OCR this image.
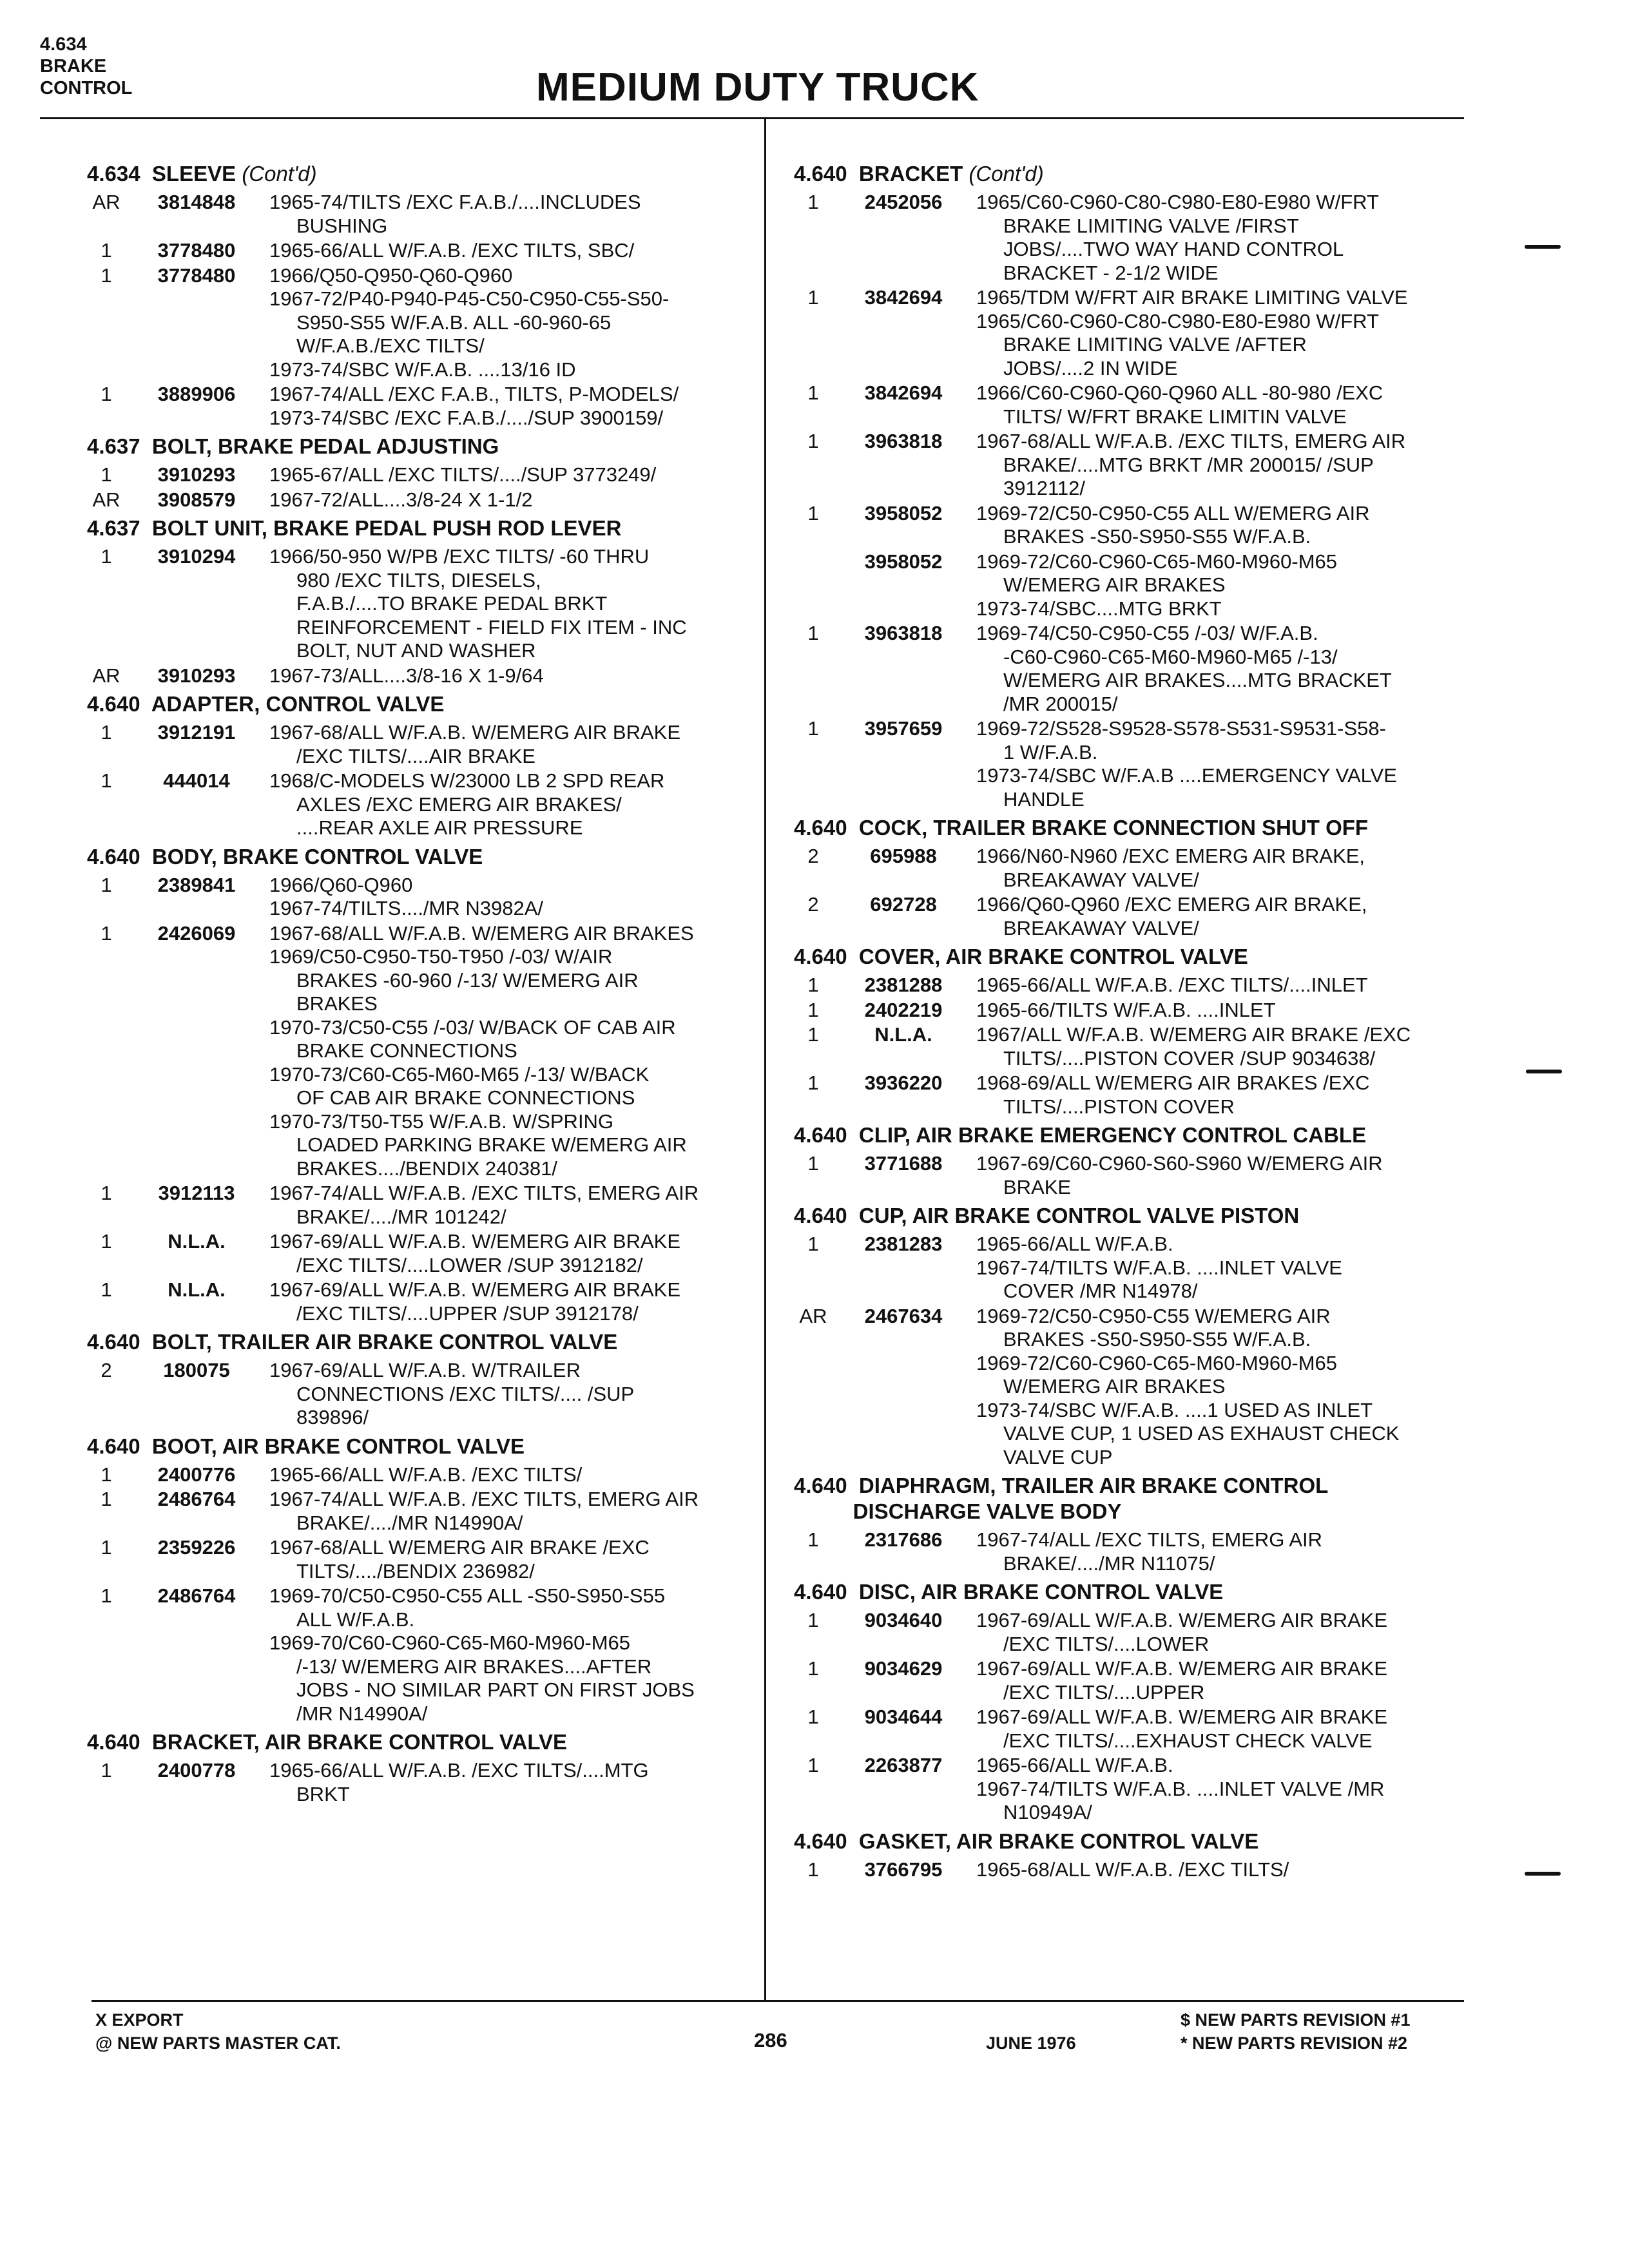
4.634
BRAKE
CONTROL	MEDIUM DUTY TRUCK
4.634  SLEEVE (Cont'd)
AR	3814848	1965-74/TILTS /EXC F.A.B./....INCLUDES
BUSHING
1	3778480	1965-66/ALL W/F.A.B. /EXC TILTS, SBC/
1	3778480	1966/Q50-Q950-Q60-Q960
1967-72/P40-P940-P45-C50-C950-C55-S50-
S950-S55 W/F.A.B. ALL -60-960-65
W/F.A.B./EXC TILTS/
1973-74/SBC W/F.A.B. ....13/16 ID
1	3889906	1967-74/ALL /EXC F.A.B., TILTS, P-MODELS/
1973-74/SBC /EXC F.A.B./..../SUP 3900159/
4.637  BOLT, BRAKE PEDAL ADJUSTING
1	3910293	1965-67/ALL /EXC TILTS/..../SUP 3773249/
AR	3908579	1967-72/ALL....3/8-24 X 1-1/2
4.637  BOLT UNIT, BRAKE PEDAL PUSH ROD LEVER
1	3910294	1966/50-950 W/PB /EXC TILTS/ -60 THRU
980 /EXC TILTS, DIESELS,
F.A.B./....TO BRAKE PEDAL BRKT
REINFORCEMENT - FIELD FIX ITEM - INC
BOLT, NUT AND WASHER
AR	3910293	1967-73/ALL....3/8-16 X 1-9/64
4.640  ADAPTER, CONTROL VALVE
1	3912191	1967-68/ALL W/F.A.B. W/EMERG AIR BRAKE
/EXC TILTS/....AIR BRAKE
1	444014	1968/C-MODELS W/23000 LB 2 SPD REAR
AXLES /EXC EMERG AIR BRAKES/
....REAR AXLE AIR PRESSURE
4.640  BODY, BRAKE CONTROL VALVE
1	2389841	1966/Q60-Q960
1967-74/TILTS..../MR N3982A/
1	2426069	1967-68/ALL W/F.A.B. W/EMERG AIR BRAKES
1969/C50-C950-T50-T950 /-03/ W/AIR
BRAKES -60-960 /-13/ W/EMERG AIR
BRAKES
1970-73/C50-C55 /-03/ W/BACK OF CAB AIR
BRAKE CONNECTIONS
1970-73/C60-C65-M60-M65 /-13/ W/BACK
OF CAB AIR BRAKE CONNECTIONS
1970-73/T50-T55 W/F.A.B. W/SPRING
LOADED PARKING BRAKE W/EMERG AIR
BRAKES..../BENDIX 240381/
1	3912113	1967-74/ALL W/F.A.B. /EXC TILTS, EMERG AIR
BRAKE/..../MR 101242/
1	N.L.A.	1967-69/ALL W/F.A.B. W/EMERG AIR BRAKE
/EXC TILTS/....LOWER /SUP 3912182/
1	N.L.A.	1967-69/ALL W/F.A.B. W/EMERG AIR BRAKE
/EXC TILTS/....UPPER /SUP 3912178/
4.640  BOLT, TRAILER AIR BRAKE CONTROL VALVE
2	180075	1967-69/ALL W/F.A.B. W/TRAILER
CONNECTIONS /EXC TILTS/.... /SUP
839896/
4.640  BOOT, AIR BRAKE CONTROL VALVE
1	2400776	1965-66/ALL W/F.A.B. /EXC TILTS/
1	2486764	1967-74/ALL W/F.A.B. /EXC TILTS, EMERG AIR
BRAKE/..../MR N14990A/
1	2359226	1967-68/ALL W/EMERG AIR BRAKE /EXC
TILTS/..../BENDIX 236982/
1	2486764	1969-70/C50-C950-C55 ALL -S50-S950-S55
ALL W/F.A.B.
1969-70/C60-C960-C65-M60-M960-M65
/-13/ W/EMERG AIR BRAKES....AFTER
JOBS - NO SIMILAR PART ON FIRST JOBS
/MR N14990A/
4.640  BRACKET, AIR BRAKE CONTROL VALVE
1	2400778	1965-66/ALL W/F.A.B. /EXC TILTS/....MTG
BRKT
4.640  BRACKET (Cont'd)
1	2452056	1965/C60-C960-C80-C980-E80-E980 W/FRT
BRAKE LIMITING VALVE /FIRST
JOBS/....TWO WAY HAND CONTROL
BRACKET - 2-1/2 WIDE
1	3842694	1965/TDM W/FRT AIR BRAKE LIMITING VALVE
1965/C60-C960-C80-C980-E80-E980 W/FRT
BRAKE LIMITING VALVE /AFTER
JOBS/....2 IN WIDE
1	3842694	1966/C60-C960-Q60-Q960 ALL -80-980 /EXC
TILTS/ W/FRT BRAKE LIMITIN VALVE
1	3963818	1967-68/ALL W/F.A.B. /EXC TILTS, EMERG AIR
BRAKE/....MTG BRKT /MR 200015/ /SUP
3912112/
1	3958052	1969-72/C50-C950-C55 ALL W/EMERG AIR
BRAKES -S50-S950-S55 W/F.A.B.
3958052	1969-72/C60-C960-C65-M60-M960-M65
W/EMERG AIR BRAKES
1973-74/SBC....MTG BRKT
1	3963818	1969-74/C50-C950-C55 /-03/ W/F.A.B.
-C60-C960-C65-M60-M960-M65 /-13/
W/EMERG AIR BRAKES....MTG BRACKET
/MR 200015/
1	3957659	1969-72/S528-S9528-S578-S531-S9531-S58-
1 W/F.A.B.
1973-74/SBC W/F.A.B ....EMERGENCY VALVE
HANDLE
4.640  COCK, TRAILER BRAKE CONNECTION SHUT OFF
2	695988	1966/N60-N960 /EXC EMERG AIR BRAKE,
BREAKAWAY VALVE/
2	692728	1966/Q60-Q960 /EXC EMERG AIR BRAKE,
BREAKAWAY VALVE/
4.640  COVER, AIR BRAKE CONTROL VALVE
1	2381288	1965-66/ALL W/F.A.B. /EXC TILTS/....INLET
1	2402219	1965-66/TILTS W/F.A.B. ....INLET
1	N.L.A.	1967/ALL W/F.A.B. W/EMERG AIR BRAKE /EXC
TILTS/....PISTON COVER /SUP 9034638/
1	3936220	1968-69/ALL W/EMERG AIR BRAKES /EXC
TILTS/....PISTON COVER
4.640  CLIP, AIR BRAKE EMERGENCY CONTROL CABLE
1	3771688	1967-69/C60-C960-S60-S960 W/EMERG AIR
BRAKE
4.640  CUP, AIR BRAKE CONTROL VALVE PISTON
1	2381283	1965-66/ALL W/F.A.B.
1967-74/TILTS W/F.A.B. ....INLET VALVE
COVER /MR N14978/
AR	2467634	1969-72/C50-C950-C55 W/EMERG AIR
BRAKES -S50-S950-S55 W/F.A.B.
1969-72/C60-C960-C65-M60-M960-M65
W/EMERG AIR BRAKES
1973-74/SBC W/F.A.B. ....1 USED AS INLET
VALVE CUP, 1 USED AS EXHAUST CHECK
VALVE CUP
4.640  DIAPHRAGM, TRAILER AIR BRAKE CONTROL
DISCHARGE VALVE BODY
1	2317686	1967-74/ALL /EXC TILTS, EMERG AIR
BRAKE/..../MR N11075/
4.640  DISC, AIR BRAKE CONTROL VALVE
1	9034640	1967-69/ALL W/F.A.B. W/EMERG AIR BRAKE
/EXC TILTS/....LOWER
1	9034629	1967-69/ALL W/F.A.B. W/EMERG AIR BRAKE
/EXC TILTS/....UPPER
1	9034644	1967-69/ALL W/F.A.B. W/EMERG AIR BRAKE
/EXC TILTS/....EXHAUST CHECK VALVE
1	2263877	1965-66/ALL W/F.A.B.
1967-74/TILTS W/F.A.B. ....INLET VALVE /MR
N10949A/
4.640  GASKET, AIR BRAKE CONTROL VALVE
1	3766795	1965-68/ALL W/F.A.B. /EXC TILTS/
X EXPORT
@ NEW PARTS MASTER CAT.	286	JUNE 1976
$ NEW PARTS REVISION #1
* NEW PARTS REVISION #2
